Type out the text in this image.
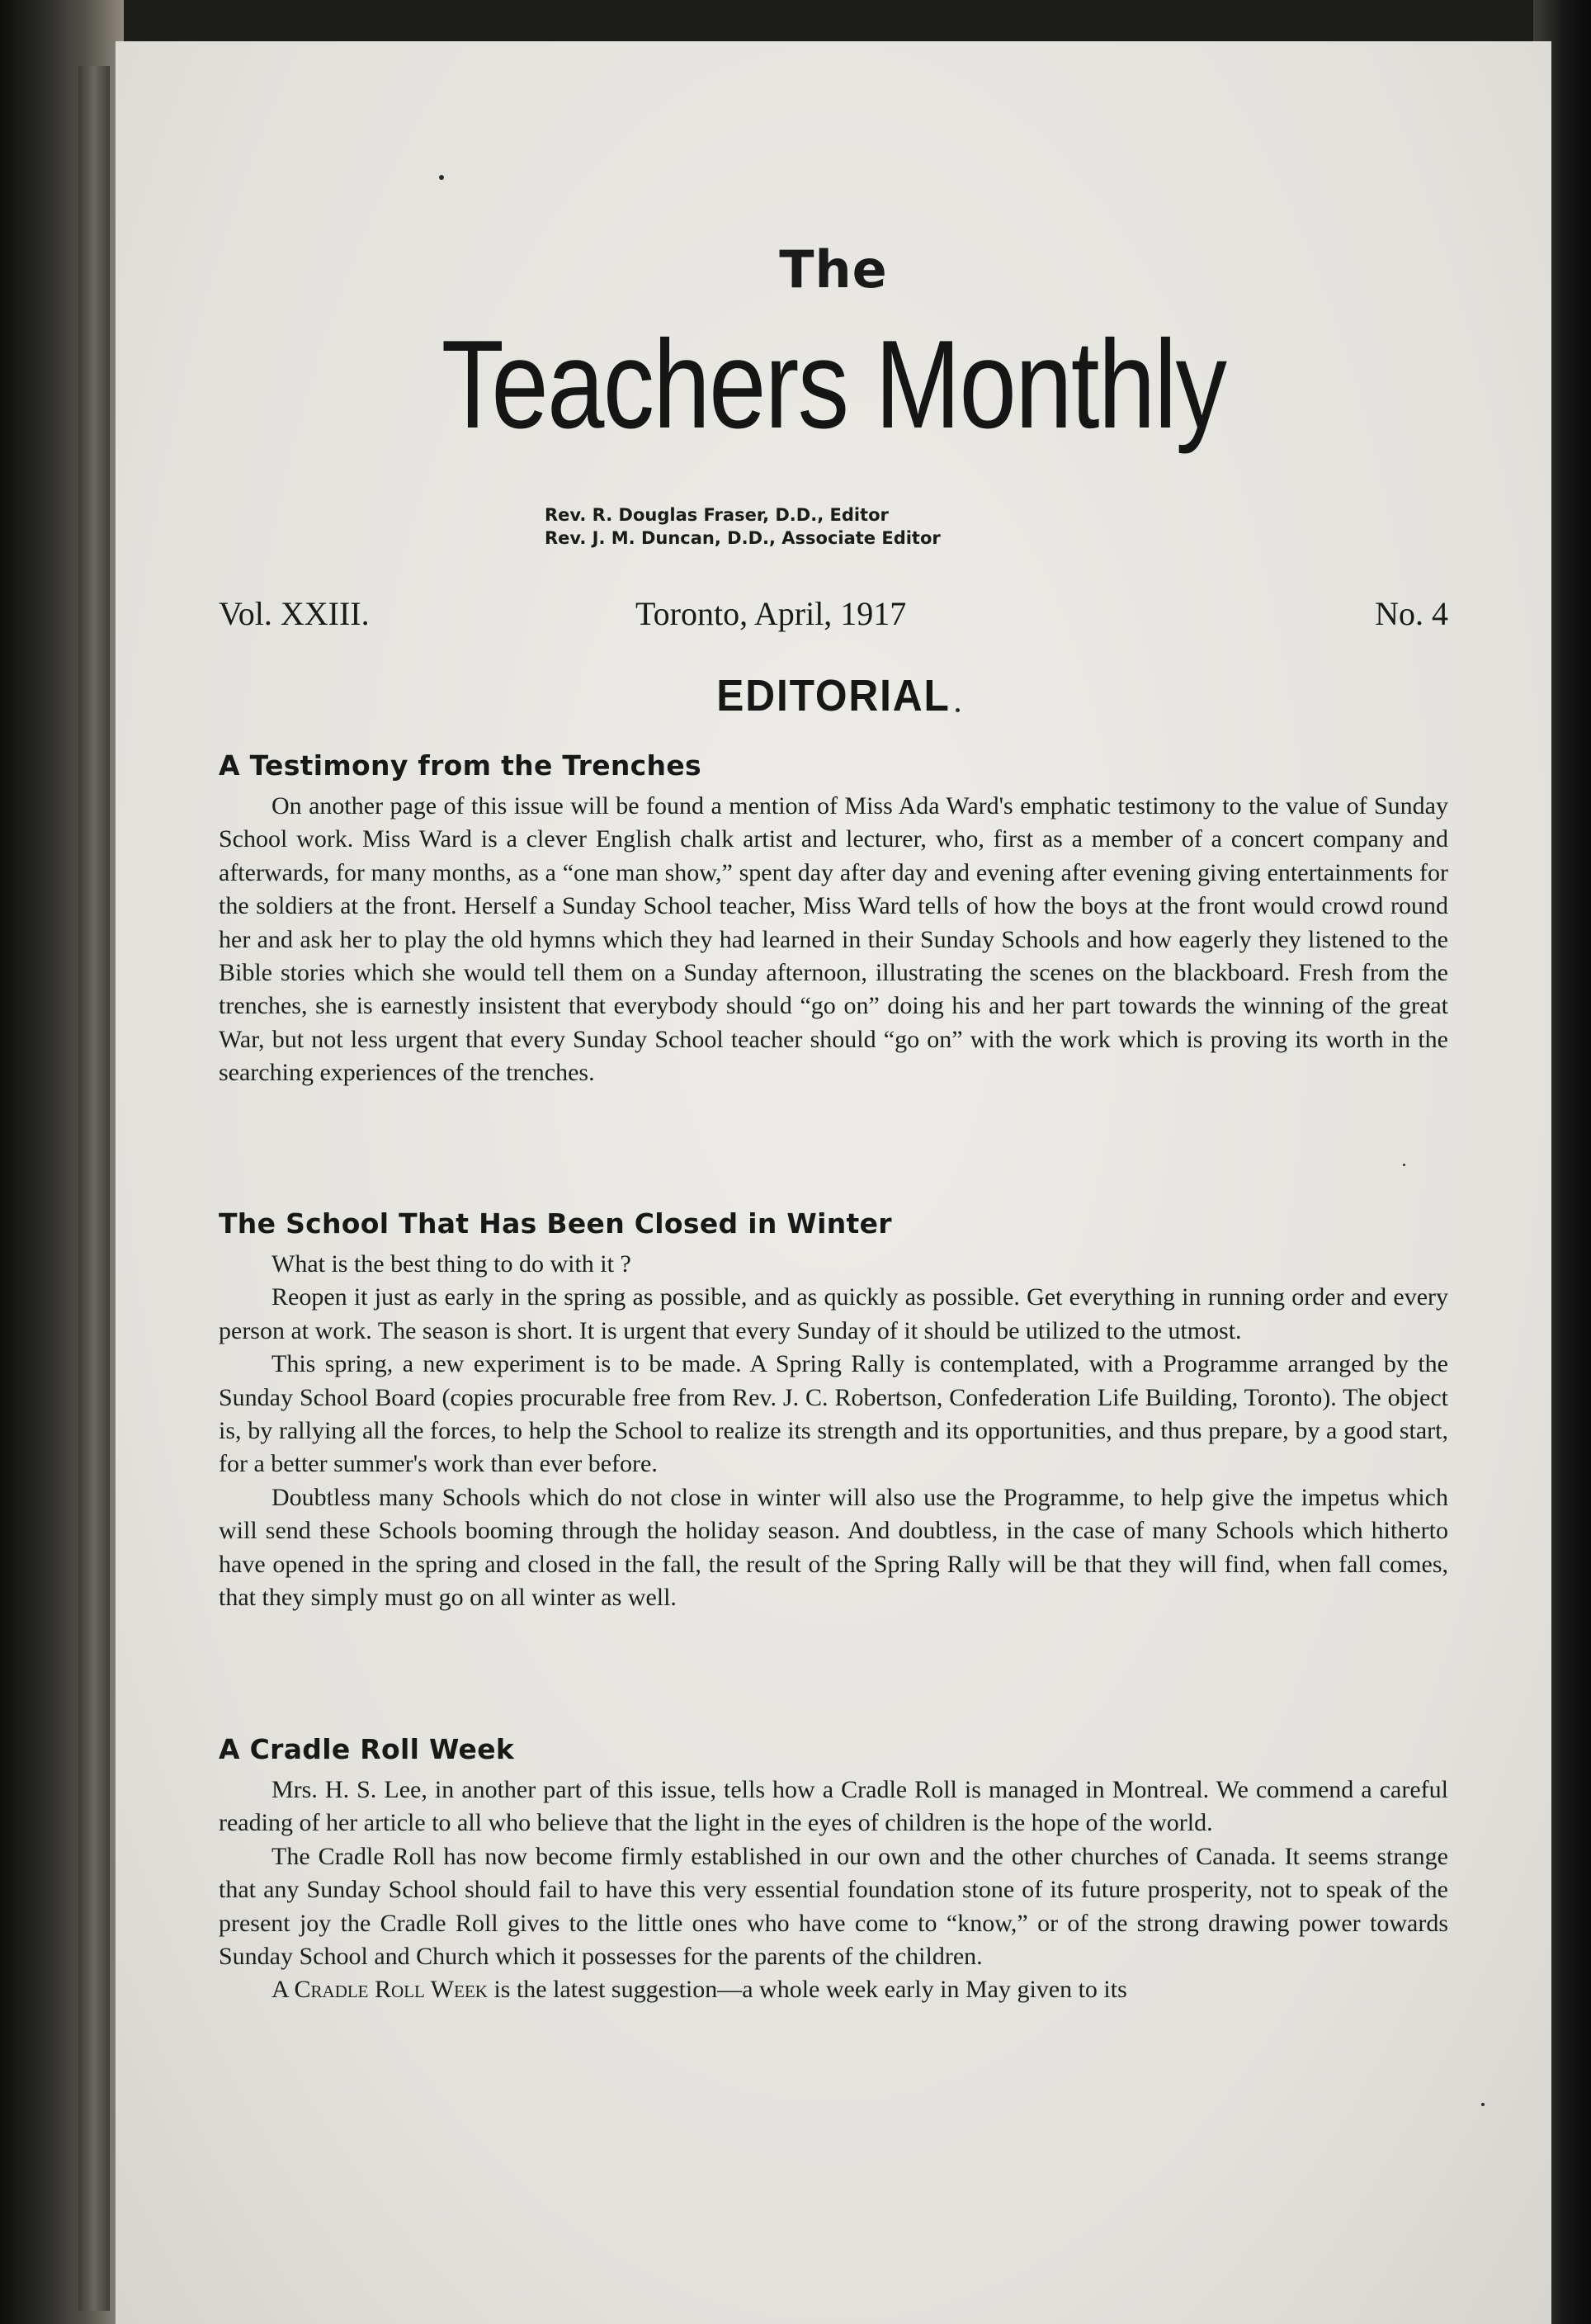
The
Teachers Monthly
Rev. R. Douglas Fraser, D.D., Editor
Rev. J. M. Duncan, D.D., Associate Editor
Vol. XXIII.	Toronto, April, 1917	No. 4
EDITORIAL
A Testimony from the Trenches

On another page of this issue will be found a mention of Miss Ada Ward's emphatic testimony to the value of Sunday School work. Miss Ward is a clever English chalk artist and lecturer, who, first as a member of a concert company and afterwards, for many months, as a “one man show,” spent day after day and evening after evening giving entertainments for the soldiers at the front. Herself a Sunday School teacher, Miss Ward tells of how the boys at the front would crowd round her and ask her to play the old hymns which they had learned in their Sunday Schools and how eagerly they listened to the Bible stories which she would tell them on a Sunday afternoon, illustrating the scenes on the blackboard. Fresh from the trenches, she is earnestly insistent that everybody should “go on” doing his and her part towards the winning of the great War, but not less urgent that every Sunday School teacher should “go on” with the work which is proving its worth in the searching experiences of the trenches.

The School That Has Been Closed in Winter

What is the best thing to do with it ?

Reopen it just as early in the spring as possible, and as quickly as possible. Get everything in running order and every person at work. The season is short. It is urgent that every Sunday of it should be utilized to the utmost.

This spring, a new experiment is to be made. A Spring Rally is contemplated, with a Programme arranged by the Sunday School Board (copies procurable free from Rev. J. C. Robertson, Confederation Life Building, Toronto). The object is, by rallying all the forces, to help the School to realize its strength and its opportunities, and thus prepare, by a good start, for a better summer's work than ever before.

Doubtless many Schools which do not close in winter will also use the Programme, to help give the impetus which will send these Schools booming through the holiday season. And doubtless, in the case of many Schools which hitherto have opened in the spring and closed in the fall, the result of the Spring Rally will be that they will find, when fall comes, that they simply must go on all winter as well.

A Cradle Roll Week

Mrs. H. S. Lee, in another part of this issue, tells how a Cradle Roll is managed in Montreal. We commend a careful reading of her article to all who believe that the light in the eyes of children is the hope of the world.

The Cradle Roll has now become firmly established in our own and the other churches of Canada. It seems strange that any Sunday School should fail to have this very essential foundation stone of its future prosperity, not to speak of the present joy the Cradle Roll gives to the little ones who have come to “know,” or of the strong drawing power towards Sunday School and Church which it possesses for the parents of the children.

A Cradle Roll Week is the latest suggestion—a whole week early in May given to its
